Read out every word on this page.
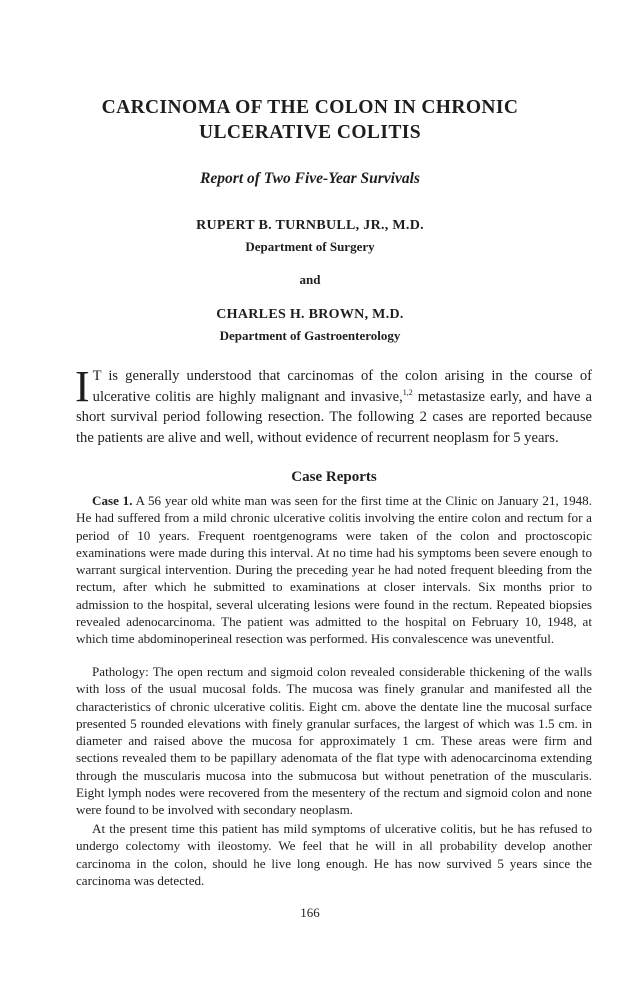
CARCINOMA OF THE COLON IN CHRONIC
ULCERATIVE COLITIS

Report of Two Five-Year Survivals

RUPERT B. TURNBULL, JR., M.D.

Department of Surgery

and

CHARLES H. BROWN, M.D.

Department of Gastroenterology

I T is generally understood that carcinomas of the colon arising in the course of ulcerative colitis are highly malignant and invasive,$^{1,2}$ metastasize early, and have a short survival period following resection. The following 2 cases are reported because the patients are alive and well, without evidence of recurrent neoplasm for 5 years.

Case Reports

Case 1. A 56 year old white man was seen for the first time at the Clinic on January 21, 1948. He had suffered from a mild chronic ulcerative colitis involving the entire colon and rectum for a period of 10 years. Frequent roentgenograms were taken of the colon and proctoscopic examinations were made during this interval. At no time had his symptoms been severe enough to warrant surgical intervention. During the preceding year he had noted frequent bleeding from the rectum, after which he submitted to examinations at closer intervals. Six months prior to admission to the hospital, several ulcerating lesions were found in the rectum. Repeated biopsies revealed adenocarcinoma. The patient was admitted to the hospital on February 10, 1948, at which time abdominoperineal resection was performed. His convalescence was uneventful.

Pathology: The open rectum and sigmoid colon revealed considerable thickening of the walls with loss of the usual mucosal folds. The mucosa was finely granular and manifested all the characteristics of chronic ulcerative colitis. Eight cm. above the dentate line the mucosal surface presented 5 rounded elevations with finely granular surfaces, the largest of which was 1.5 cm. in diameter and raised above the mucosa for approximately 1 cm. These areas were firm and sections revealed them to be papillary adenomata of the flat type with adenocarcinoma extending through the muscularis mucosa into the submucosa but without penetration of the muscularis. Eight lymph nodes were recovered from the mesentery of the rectum and sigmoid colon and none were found to be involved with secondary neoplasm.

At the present time this patient has mild symptoms of ulcerative colitis, but he has refused to undergo colectomy with ileostomy. We feel that he will in all probability develop another carcinoma in the colon, should he live long enough. He has now survived 5 years since the carcinoma was detected.

166
